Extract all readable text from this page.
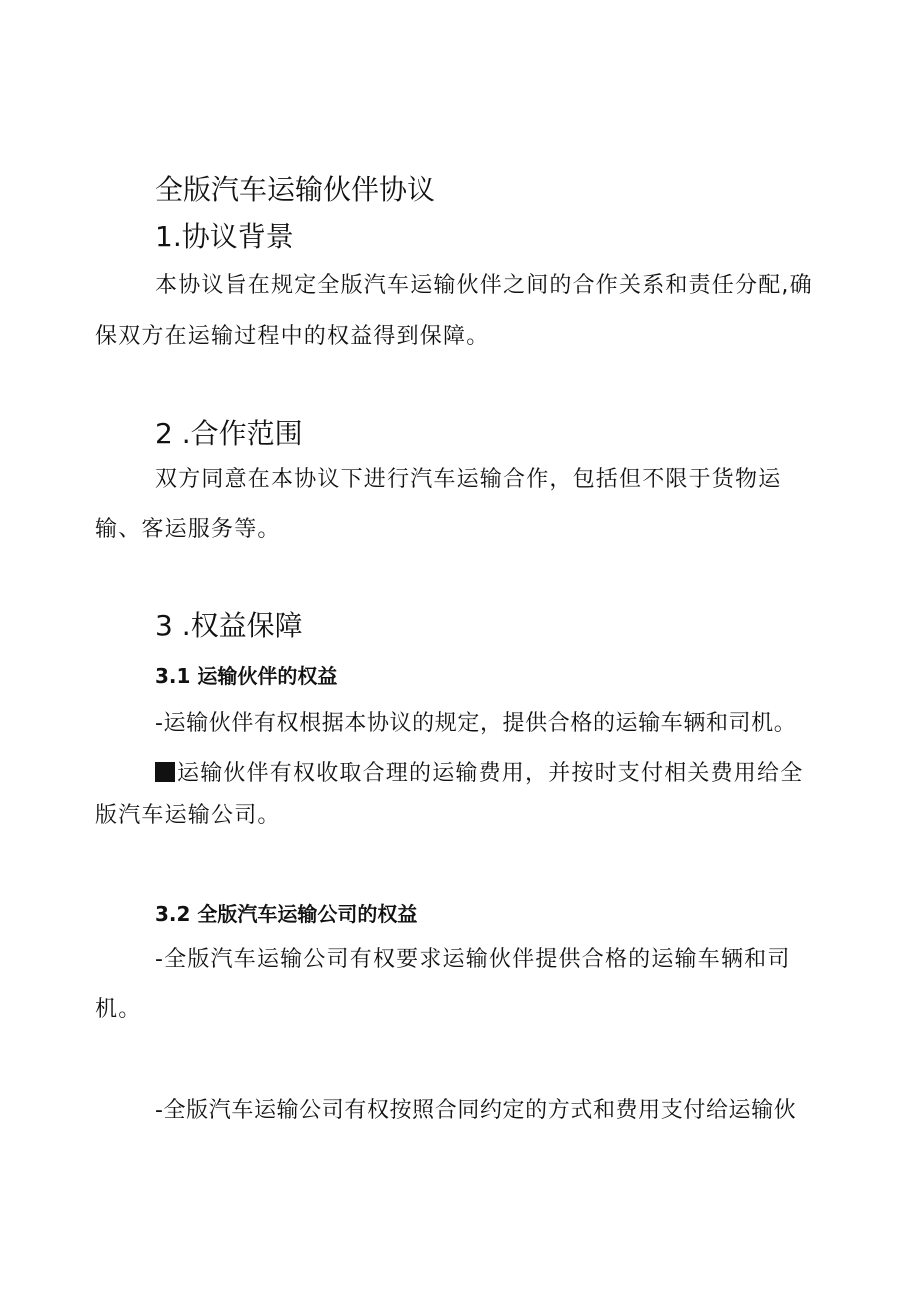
全版汽车运输伙伴协议
1.协议背景
本协议旨在规定全版汽车运输伙伴之间的合作关系和责任分配,确
保双方在运输过程中的权益得到保障。
2 .合作范围
双方同意在本协议下进行汽车运输合作，包括但不限于货物运
输、客运服务等。
3 .权益保障
3.1 运输伙伴的权益
-运输伙伴有权根据本协议的规定，提供合格的运输车辆和司机。
运输伙伴有权收取合理的运输费用，并按时支付相关费用给全
版汽车运输公司。
3.2 全版汽车运输公司的权益
-全版汽车运输公司有权要求运输伙伴提供合格的运输车辆和司
机。
-全版汽车运输公司有权按照合同约定的方式和费用支付给运输伙
